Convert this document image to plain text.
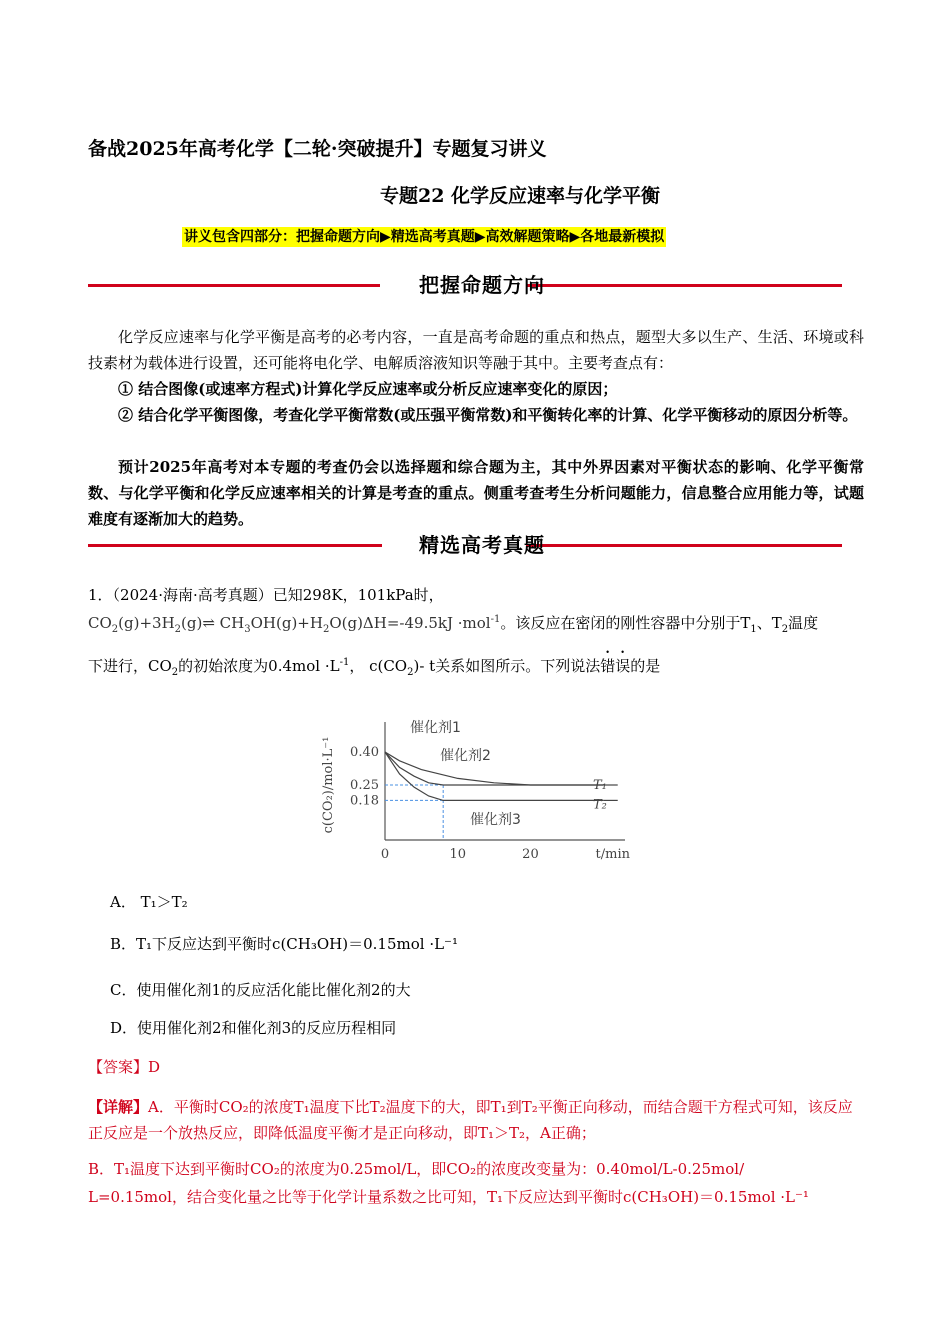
备战2025年高考化学【二轮·突破提升】专题复习讲义
专题22 化学反应速率与化学平衡
讲义包含四部分：把握命题方向▶精选高考真题▶高效解题策略▶各地最新模拟
把握命题方向
化学反应速率与化学平衡是高考的必考内容，一直是高考命题的重点和热点，题型大多以生产、生活、环境或科技素材为载体进行设置，还可能将电化学、电解质溶液知识等融于其中。主要考查点有：
① 结合图像(或速率方程式)计算化学反应速率或分析反应速率变化的原因；
② 结合化学平衡图像，考查化学平衡常数(或压强平衡常数)和平衡转化率的计算、化学平衡移动的原因分析等。
预计2025年高考对本专题的考查仍会以选择题和综合题为主，其中外界因素对平衡状态的影响、化学平衡常数、与化学平衡和化学反应速率相关的计算是考查的重点。侧重考查考生分析问题能力，信息整合应用能力等，试题难度有逐渐加大的趋势。
精选高考真题
1．（2024·海南·高考真题）已知298K，101kPa时，
$CO_2(g)+3H_2(g)\rightleftharpoons$ $CH_3OH(g)+H_2O(g)\Delta H=-49.5kJ \cdot mol^{-1}$。该反应在密闭的刚性容器中分别于$T_1$、$T_2$温度
下进行，$CO_2$的初始浓度为$0.4mol \cdot L^{-1}$， $c(CO_2)-$ t关系如图所示。下列说法错误的是
催化剂1
催化剂2
催化剂3
T₁
T₂
0.40
0.25
0.18
0	10	20	t/min
c(CO₂)/mol·L⁻¹
A． T₁＞T₂
B．T₁下反应达到平衡时c(CH₃OH)＝0.15mol ·L⁻¹
C．使用催化剂1的反应活化能比催化剂2的大
D．使用催化剂2和催化剂3的反应历程相同
【答案】D
【详解】A．平衡时CO₂的浓度T₁温度下比T₂温度下的大，即T₁到T₂平衡正向移动，而结合题干方程式可知，该反应正反应是一个放热反应，即降低温度平衡才是正向移动，即T₁＞T₂，A正确；
B．T₁温度下达到平衡时CO₂的浓度为0.25mol/L，即CO₂的浓度改变量为：0.40mol/L-0.25mol/
L=0.15mol，结合变化量之比等于化学计量系数之比可知，T₁下反应达到平衡时c(CH₃OH)＝0.15mol ·L⁻¹
